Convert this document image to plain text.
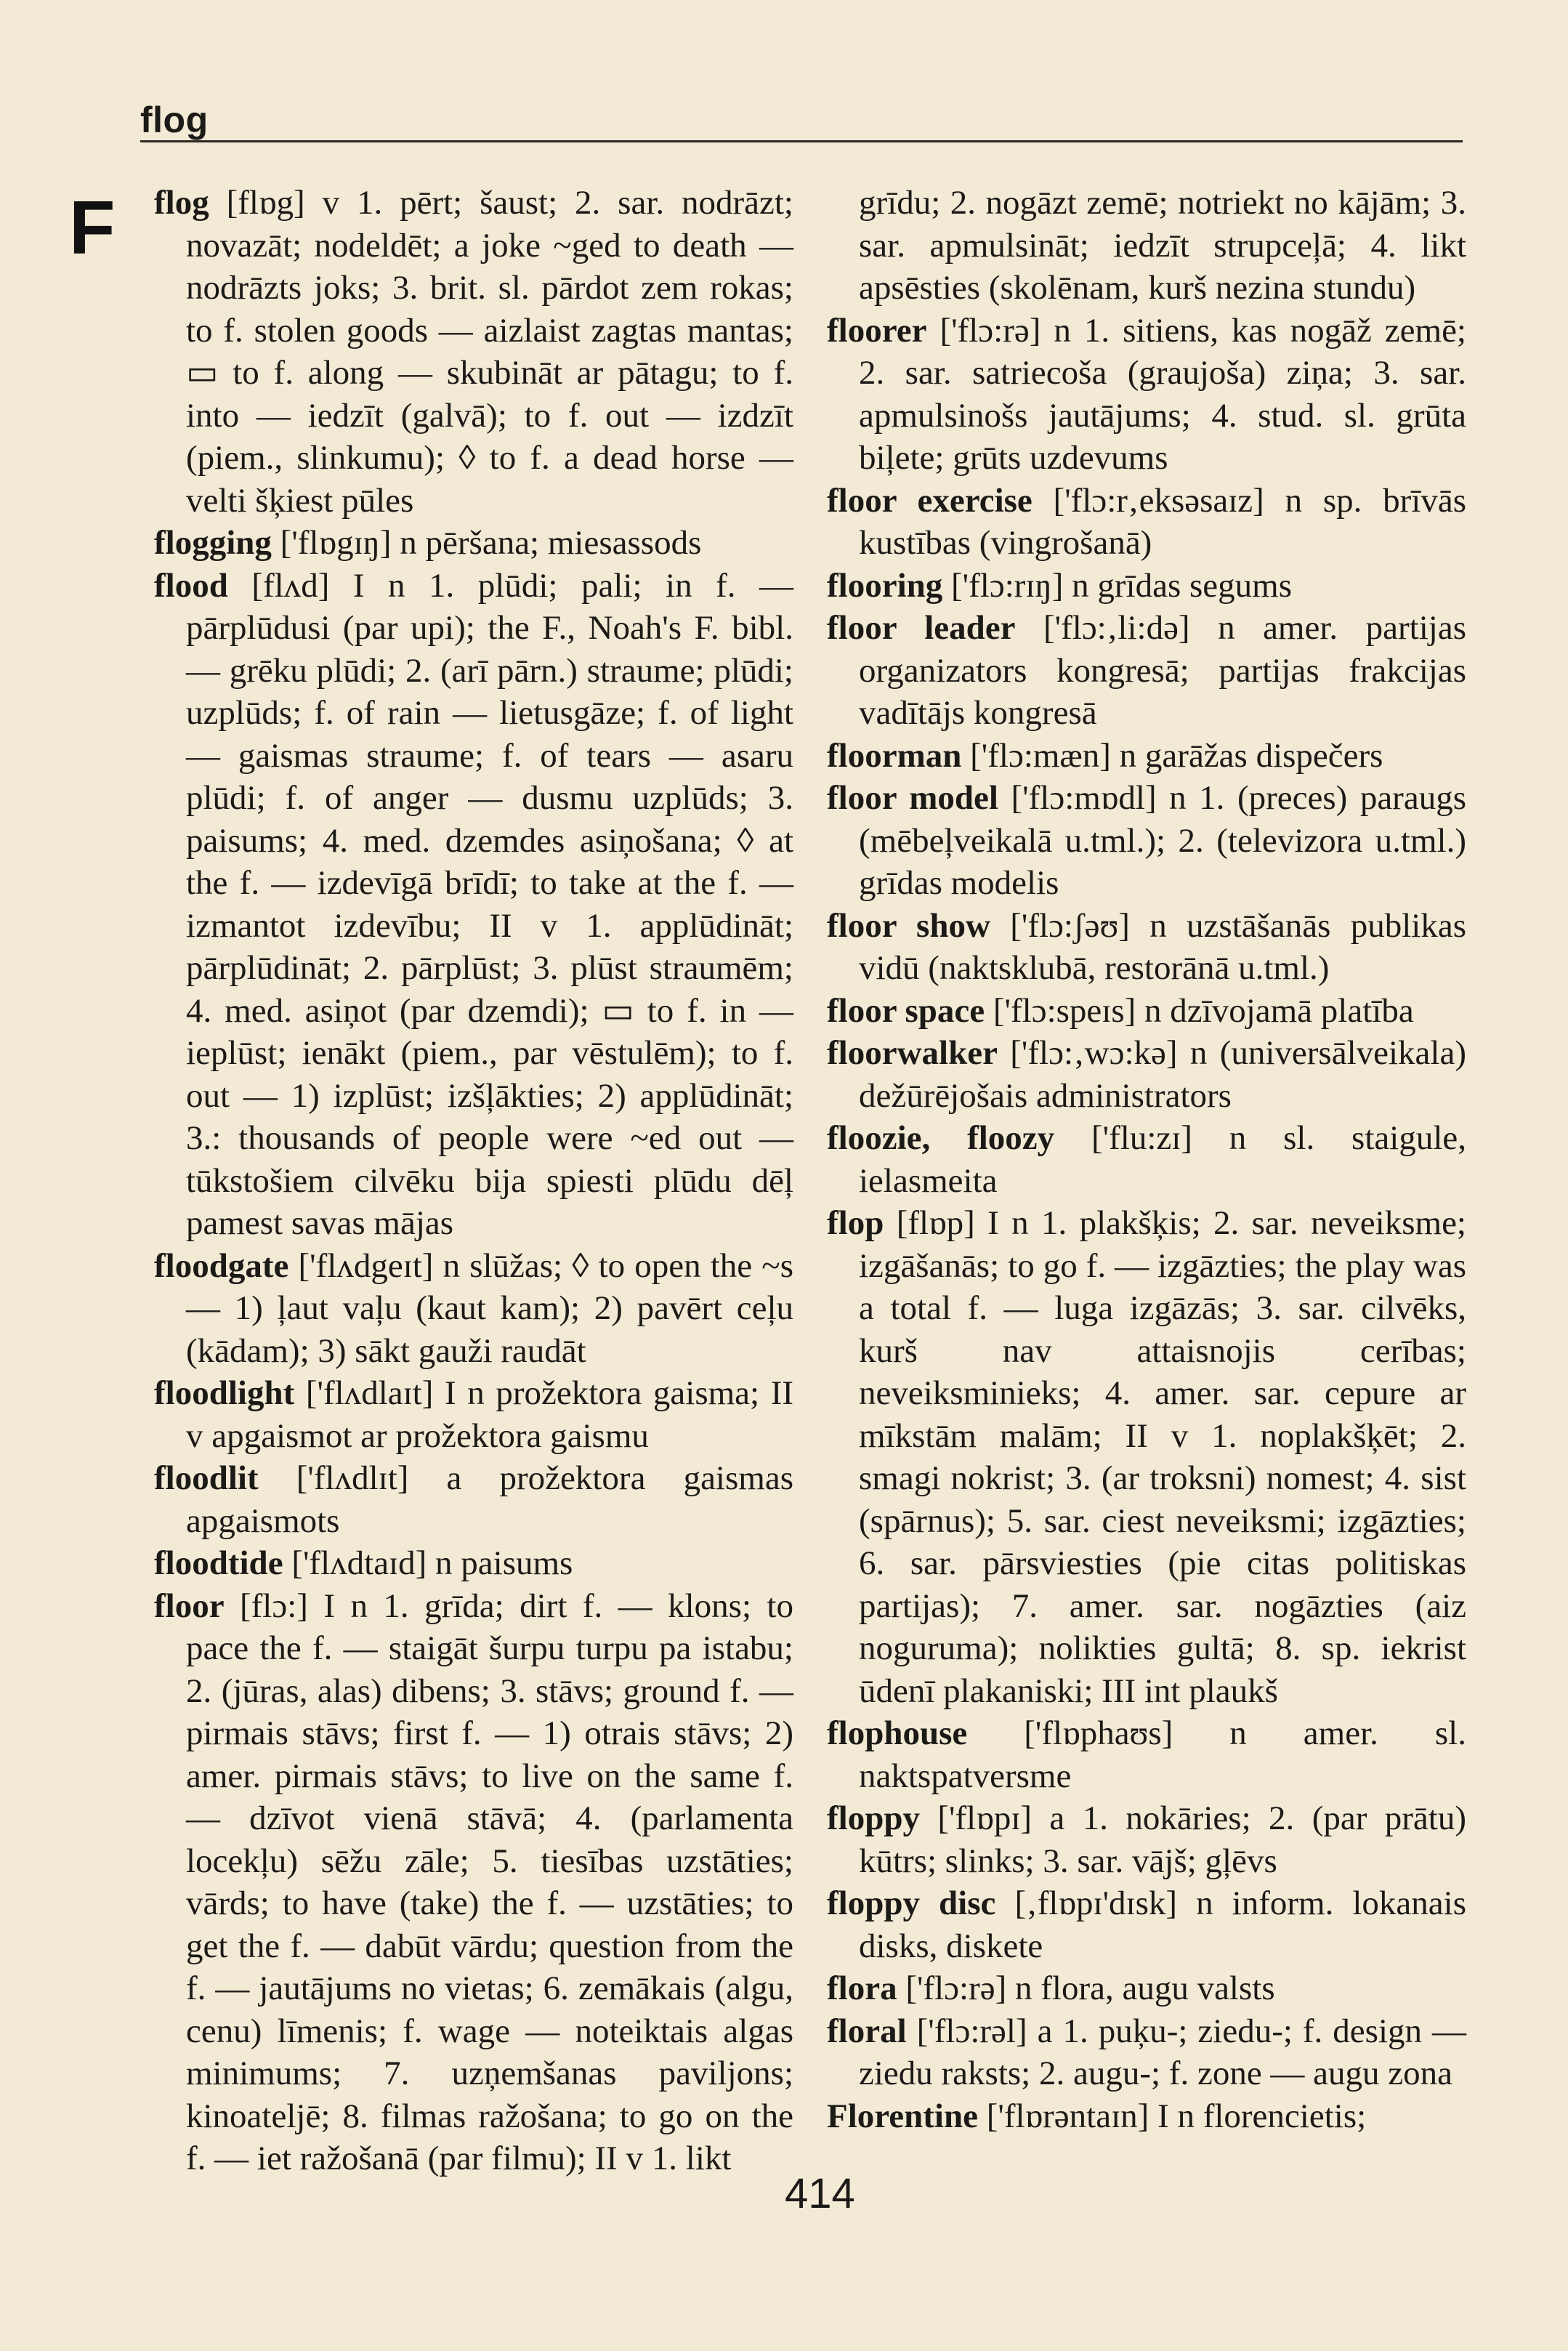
flog
F flog [flɒg] v 1. pērt; šaust; 2. sar. nodrāzt; novazāt; nodeldēt; a joke ~ged to death — nodrāzts joks; 3. brit. sl. pārdot zem rokas; to f. stolen goods — aizlaist zagtas mantas; ▭ to f. along — skubināt ar pātagu; to f. into — iedzīt (galvā); to f. out — izdzīt (piem., slinkumu); ◊ to f. a dead horse — velti šķiest pūles

flogging ['flɒgɪŋ] n pēršana; miesassods

flood [flʌd] I n 1. plūdi; pali; in f. — pārplūdusi (par upi); the F., Noah's F. bibl. — grēku plūdi; 2. (arī pārn.) straume; plūdi; uzplūds; f. of rain — lietusgāze; f. of light — gaismas straume; f. of tears — asaru plūdi; f. of anger — dusmu uzplūds; 3. paisums; 4. med. dzemdes asiņošana; ◊ at the f. — izdevīgā brīdī; to take at the f. — izmantot izdevību; II v 1. applūdināt; pārplūdināt; 2. pārplūst; 3. plūst straumēm; 4. med. asiņot (par dzemdi); ▭ to f. in — ieplūst; ienākt (piem., par vēstulēm); to f. out — 1) izplūst; izšļākties; 2) applūdināt; 3.: thousands of people were ~ed out — tūkstošiem cilvēku bija spiesti plūdu dēļ pamest savas mājas

floodgate ['flʌdgeɪt] n slūžas; ◊ to open the ~s — 1) ļaut vaļu (kaut kam); 2) pavērt ceļu (kādam); 3) sākt gauži raudāt

floodlight ['flʌdlaɪt] I n prožektora gaisma; II v apgaismot ar prožektora gaismu

floodlit ['flʌdlɪt] a prožektora gaismas apgaismots

floodtide ['flʌdtaɪd] n paisums

floor [flɔ:] I n 1. grīda; dirt f. — klons; to pace the f. — staigāt šurpu turpu pa istabu; 2. (jūras, alas) dibens; 3. stāvs; ground f. — pirmais stāvs; first f. — 1) otrais stāvs; 2) amer. pirmais stāvs; to live on the same f. — dzīvot vienā stāvā; 4. (parlamenta locekļu) sēžu zāle; 5. tiesības uzstāties; vārds; to have (take) the f. — uzstāties; to get the f. — dabūt vārdu; question from the f. — jautājums no vietas; 6. zemākais (algu, cenu) līmenis; f. wage — noteiktais algas minimums; 7. uzņemšanas paviljons; kinoateljē; 8. filmas ražošana; to go on the f. — iet ražošanā (par filmu); II v 1. likt

grīdu; 2. nogāzt zemē; notriekt no kājām; 3. sar. apmulsināt; iedzīt strupceļā; 4. likt apsēsties (skolēnam, kurš nezina stundu)

floorer ['flɔ:rə] n 1. sitiens, kas nogāž zemē; 2. sar. satriecoša (graujoša) ziņa; 3. sar. apmulsinošs jautājums; 4. stud. sl. grūta biļete; grūts uzdevums

floor exercise ['flɔ:r‚eksəsaɪz] n sp. brīvās kustības (vingrošanā)

flooring ['flɔ:rɪŋ] n grīdas segums

floor leader ['flɔ:‚li:də] n amer. partijas organizators kongresā; partijas frakcijas vadītājs kongresā

floorman ['flɔ:mæn] n garāžas dispečers

floor model ['flɔ:mɒdl] n 1. (preces) paraugs (mēbeļveikalā u.tml.); 2. (televizora u.tml.) grīdas modelis

floor show ['flɔ:ʃəʊ] n uzstāšanās publikas vidū (naktsklubā, restorānā u.tml.)

floor space ['flɔ:speɪs] n dzīvojamā platība

floorwalker ['flɔ:‚wɔ:kə] n (universālveikala) dežūrējošais administrators

floozie, floozy ['flu:zɪ] n sl. staigule, ielasmeita

flop [flɒp] I n 1. plakšķis; 2. sar. neveiksme; izgāšanās; to go f. — izgāzties; the play was a total f. — luga izgāzās; 3. sar. cilvēks, kurš nav attaisnojis cerības; neveiksminieks; 4. amer. sar. cepure ar mīkstām malām; II v 1. noplakšķēt; 2. smagi nokrist; 3. (ar troksni) nomest; 4. sist (spārnus); 5. sar. ciest neveiksmi; izgāzties; 6. sar. pārsviesties (pie citas politiskas partijas); 7. amer. sar. nogāzties (aiz noguruma); nolikties gultā; 8. sp. iekrist ūdenī plakaniski; III int plaukš

flophouse ['flɒphaʊs] n amer. sl. naktspatversme

floppy ['flɒpɪ] a 1. nokāries; 2. (par prātu) kūtrs; slinks; 3. sar. vājš; gļēvs

floppy disc [‚flɒpɪ'dɪsk] n inform. lokanais disks, diskete

flora ['flɔ:rə] n flora, augu valsts

floral ['flɔ:rəl] a 1. puķu-; ziedu-; f. design — ziedu raksts; 2. augu-; f. zone — augu zona

Florentine ['flɒrəntaɪn] I n florencietis;

414
